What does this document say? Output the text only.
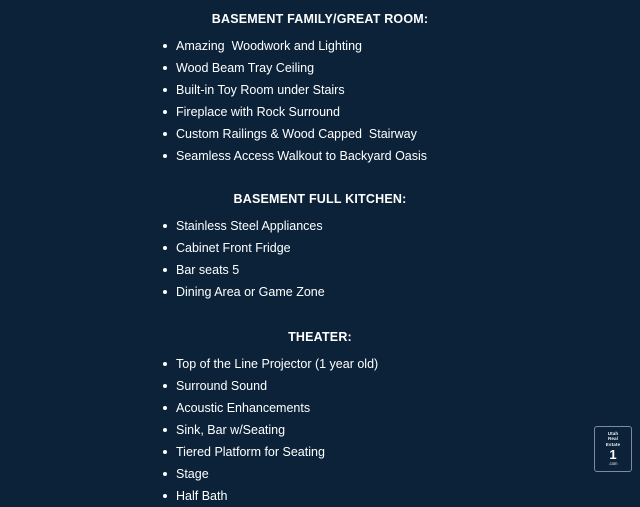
BASEMENT FAMILY/GREAT ROOM:
Amazing  Woodwork and Lighting
Wood Beam Tray Ceiling
Built-in Toy Room under Stairs
Fireplace with Rock Surround
Custom Railings & Wood Capped  Stairway
Seamless Access Walkout to Backyard Oasis
BASEMENT FULL KITCHEN:
Stainless Steel Appliances
Cabinet Front Fridge
Bar seats 5
Dining Area or Game Zone
THEATER:
Top of the Line Projector (1 year old)
Surround Sound
Acoustic Enhancements
Sink, Bar w/Seating
Tiered Platform for Seating
Stage
Half Bath
Utah
Real
Estate
1
.com
